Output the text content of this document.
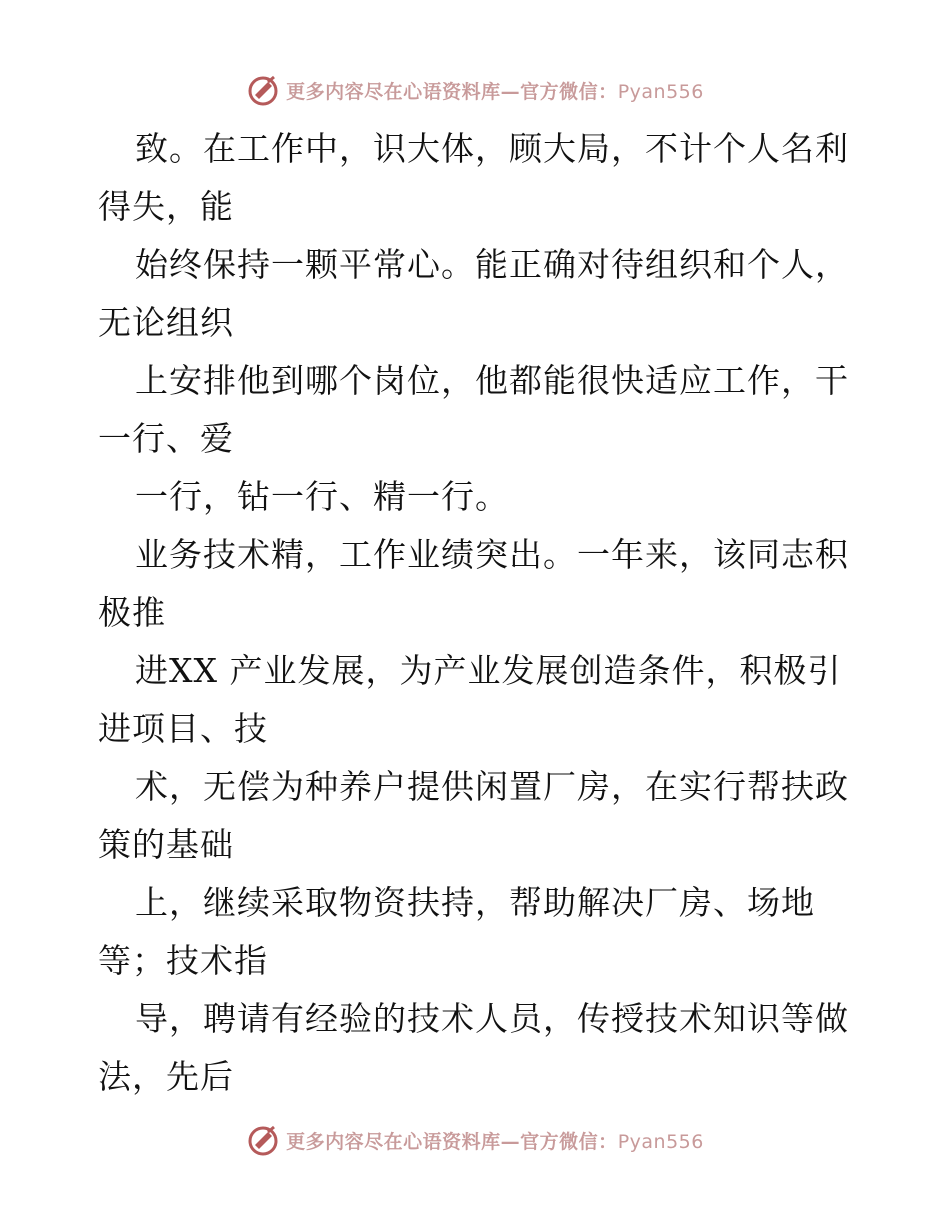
更多内容尽在心语资料库—官方微信：Pyan556
致。在工作中，识大体，顾大局，不计个人名利
得失，能
始终保持一颗平常心。能正确对待组织和个人，
无论组织
上安排他到哪个岗位，他都能很快适应工作，干
一行、爱
一行，钻一行、精一行。
业务技术精，工作业绩突出。一年来，该同志积
极推
进XX 产业发展，为产业发展创造条件，积极引
进项目、技
术，无偿为种养户提供闲置厂房，在实行帮扶政
策的基础
上，继续采取物资扶持，帮助解决厂房、场地
等；技术指
导，聘请有经验的技术人员，传授技术知识等做
法，先后
更多内容尽在心语资料库—官方微信：Pyan556
